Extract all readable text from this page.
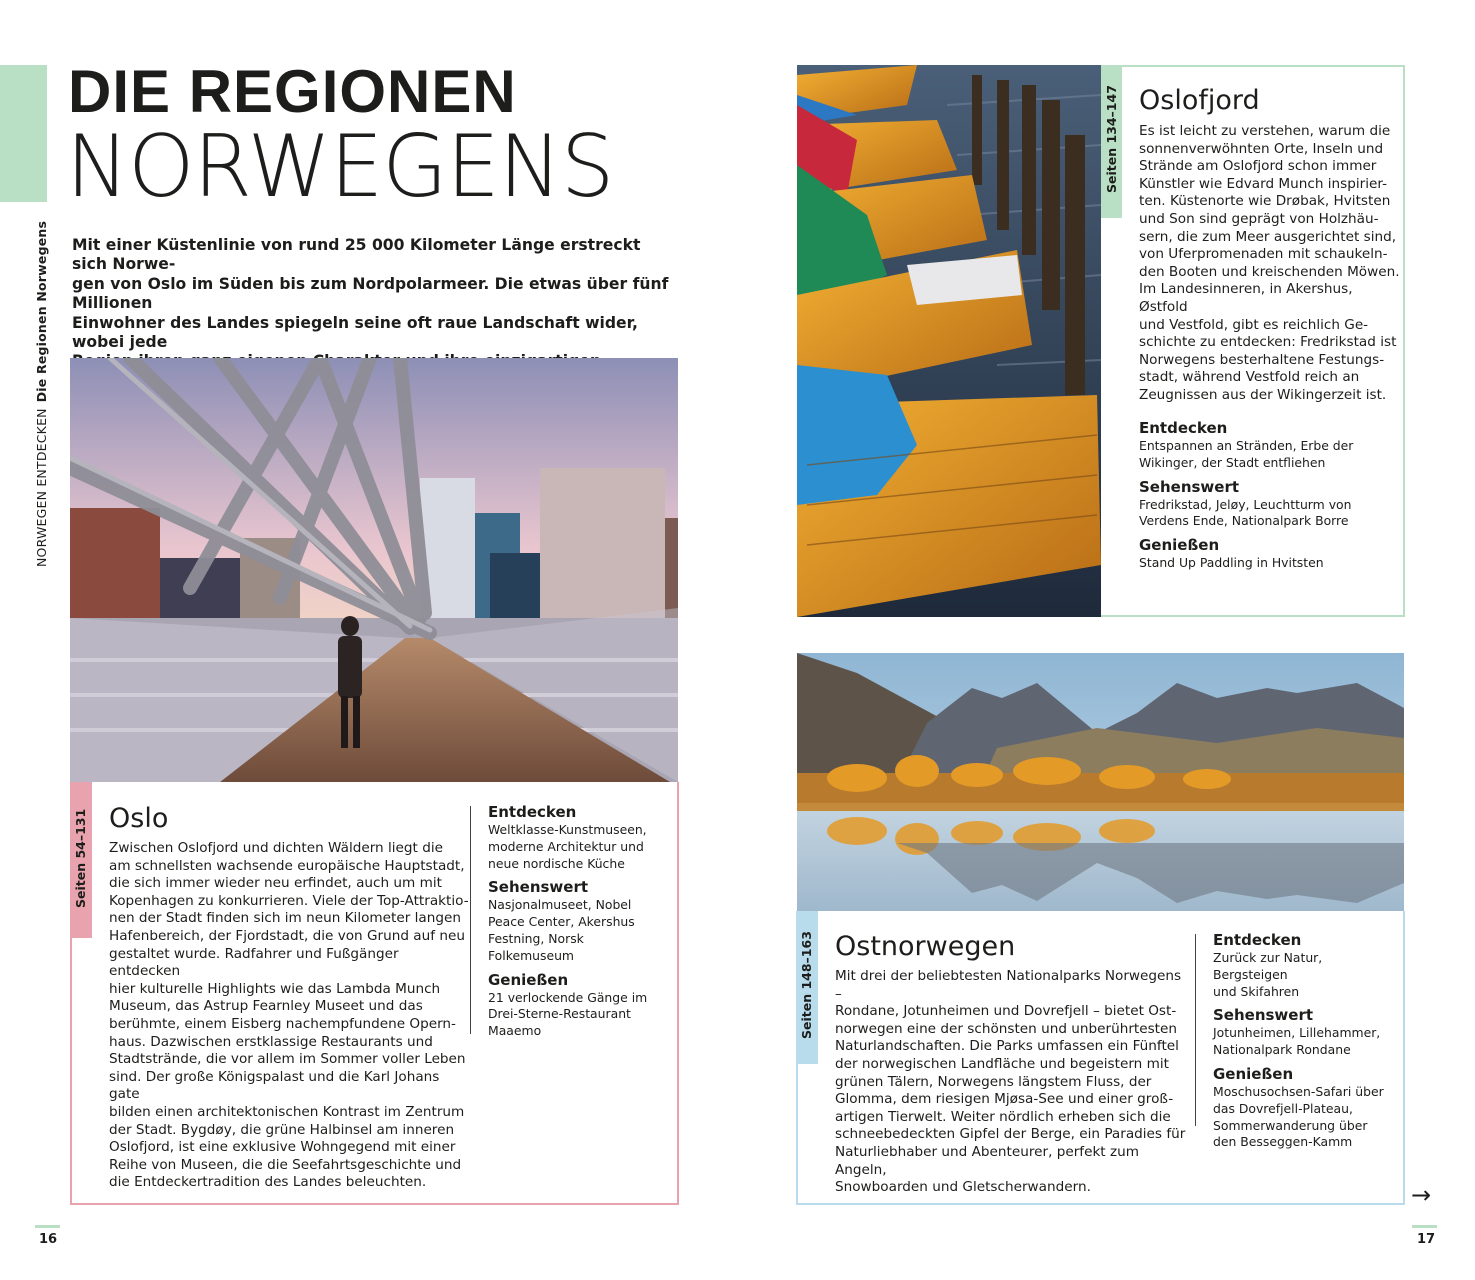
NORWEGEN ENTDECKENDie Regionen Norwegens
DIE REGIONEN
NORWEGENS
Mit einer Küstenlinie von rund 25 000 Kilometer Länge erstreckt sich Norwe-
gen von Oslo im Süden bis zum Nordpolarmeer. Die etwas über fünf Millionen
Einwohner des Landes spiegeln seine oft raue Landschaft wider, wobei jede
Seiten 54–131 Oslo
Zwischen Oslofjord und dichten Wäldern liegt die
am schnellsten wachsende europäische Hauptstadt,
die sich immer wieder neu erfindet, auch um mit
Kopenhagen zu konkurrieren. Viele der Top-Attraktio-
nen der Stadt finden sich im neun Kilometer langen
Hafenbereich, der Fjordstadt, die von Grund auf neu
gestaltet wurde. Radfahrer und Fußgänger entdecken
hier kulturelle Highlights wie das Lambda Munch
Museum, das Astrup Fearnley Museet und das
berühmte, einem Eisberg nachempfundene Opern-
haus. Dazwischen erstklassige Restaurants und
Stadtstrände, die vor allem im Sommer voller Leben
sind. Der große Königspalast und die Karl Johans gate
bilden einen architektonischen Kontrast im Zentrum
der Stadt. Bygdøy, die grüne Halbinsel am inneren
Oslofjord, ist eine exklusive Wohngegend mit einer
Reihe von Museen, die die Seefahrtsgeschichte und
die Entdeckertradition des Landes beleuchten.
Entdecken
Weltklasse-Kunstmuseen,
moderne Architektur und
neue nordische Küche
Sehenswert
Nasjonalmuseet, Nobel
Peace Center, Akershus
Festning, Norsk
Folkemuseum
Genießen
21 verlockende Gänge im
Drei-Sterne-Restaurant
Maaemo
16
Seiten 134–147 Oslofjord
Es ist leicht zu verstehen, warum die
sonnenverwöhnten Orte, Inseln und
Strände am Oslofjord schon immer
Künstler wie Edvard Munch inspirier-
ten. Küstenorte wie Drøbak, Hvitsten
und Son sind geprägt von Holzhäu-
sern, die zum Meer ausgerichtet sind,
von Uferpromenaden mit schaukeln-
den Booten und kreischenden Möwen.
Im Landesinneren, in Akershus, Østfold
und Vestfold, gibt es reichlich Ge-
schichte zu entdecken: Fredrikstad ist
Norwegens besterhaltene Festungs-
stadt, während Vestfold reich an
Zeugnissen aus der Wikingerzeit ist.
Entdecken
Entspannen an Stränden, Erbe der
Wikinger, der Stadt entfliehen
Sehenswert
Fredrikstad, Jeløy, Leuchtturm von
Verdens Ende, Nationalpark Borre
Genießen
Stand Up Paddling in Hvitsten
Seiten 148–163 Ostnorwegen
Mit drei der beliebtesten Nationalparks Norwegens –
Rondane, Jotunheimen und Dovrefjell – bietet Ost-
norwegen eine der schönsten und unberührtesten
Naturlandschaften. Die Parks umfassen ein Fünftel
der norwegischen Landfläche und begeistern mit
grünen Tälern, Norwegens längstem Fluss, der
Glomma, dem riesigen Mjøsa-See und einer groß-
artigen Tierwelt. Weiter nördlich erheben sich die
schneebedeckten Gipfel der Berge, ein Paradies für
Naturliebhaber und Abenteurer, perfekt zum Angeln,
Snowboarden und Gletscherwandern.
Entdecken
Zurück zur Natur, Bergsteigen
und Skifahren
Sehenswert
Jotunheimen, Lillehammer,
Nationalpark Rondane
Genießen
Moschusochsen-Safari über
das Dovrefjell-Plateau,
Sommerwanderung über
den Besseggen-Kamm
→
17
